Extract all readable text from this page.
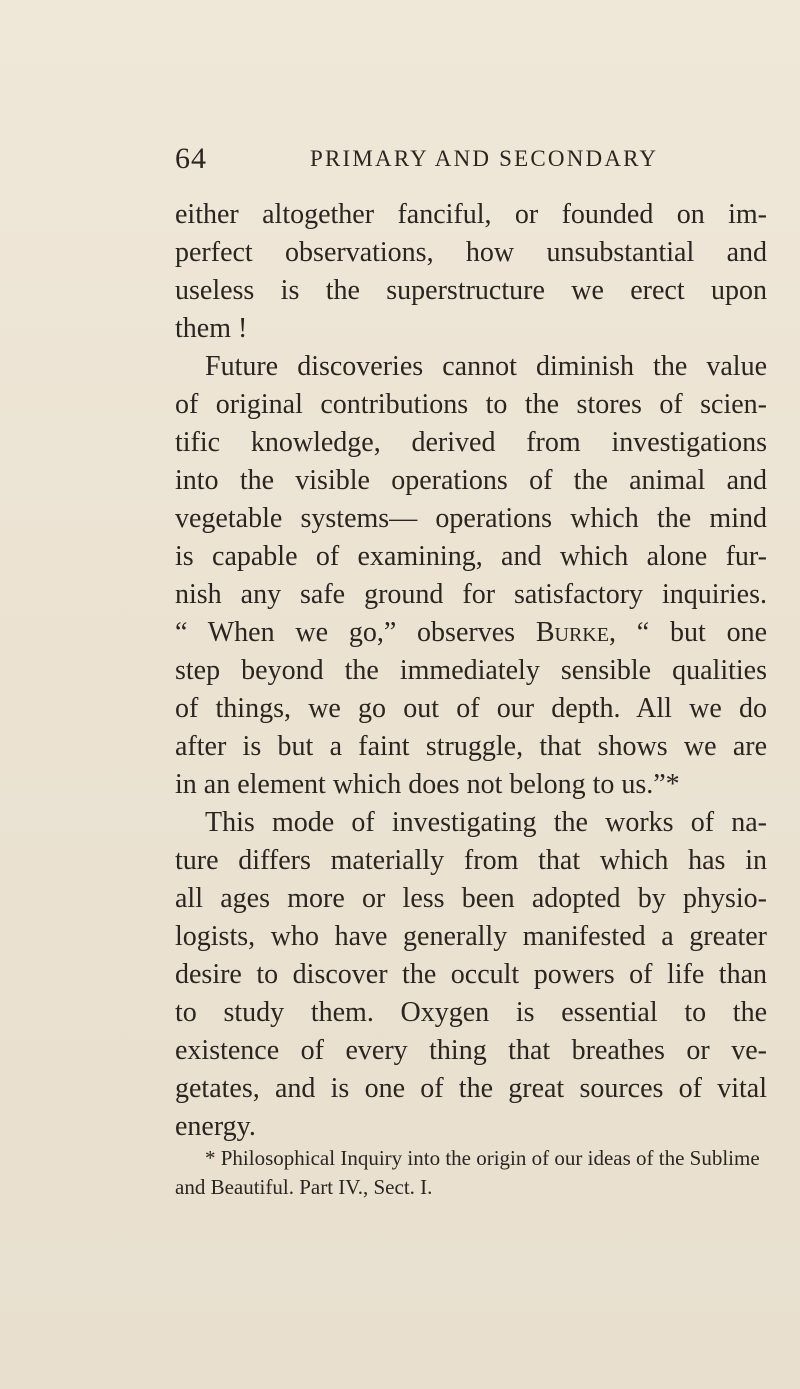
64	PRIMARY AND SECONDARY
either altogether fanciful, or founded on im-
perfect observations, how unsubstantial and
useless is the superstructure we erect upon
them !
Future discoveries cannot diminish the value
of original contributions to the stores of scien-
tific knowledge, derived from investigations
into the visible operations of the animal and
vegetable systems— operations which the mind
is capable of examining, and which alone fur-
nish any safe ground for satisfactory inquiries.
“ When we go,” observes Burke, “ but one
step beyond the immediately sensible qualities
of things, we go out of our depth. All we do
after is but a faint struggle, that shows we are
in an element which does not belong to us.”*
This mode of investigating the works of na-
ture differs materially from that which has in
all ages more or less been adopted by physio-
logists, who have generally manifested a greater
desire to discover the occult powers of life than
to study them. Oxygen is essential to the
existence of every thing that breathes or ve-
getates, and is one of the great sources of vital
energy.
* Philosophical Inquiry into the origin of our ideas of the Sublime
and Beautiful. Part IV., Sect. I.
